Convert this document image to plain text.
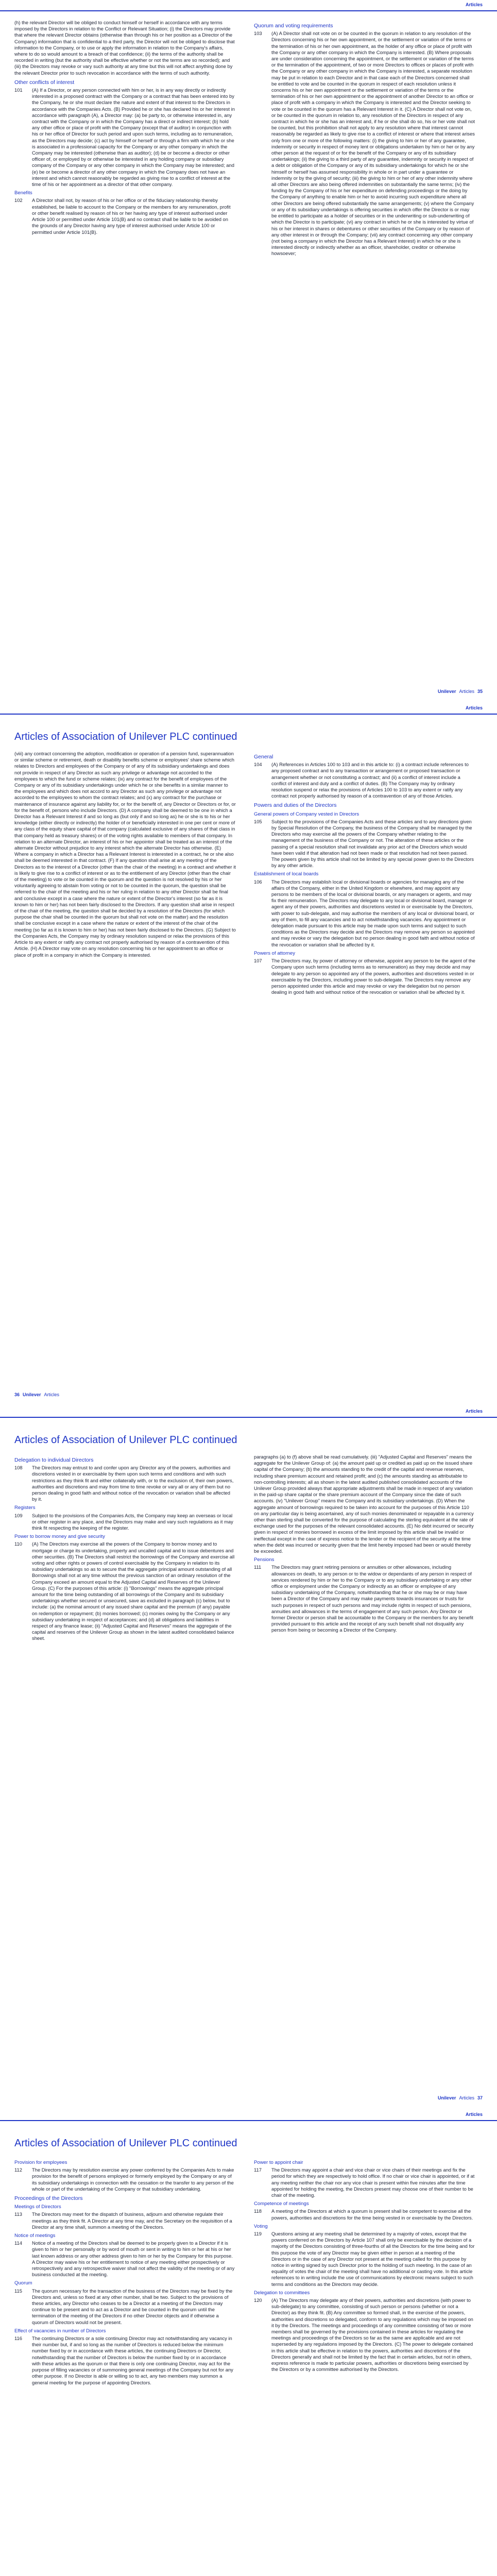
Articles
(h) the relevant Director will be obliged to conduct himself or herself in accordance with any terms imposed by the Directors in relation to the Conflict or Relevant Situation; (i) the Directors may provide that where the relevant Director obtains (otherwise than through his or her position as a Director of the Company) information that is confidential to a third party, the Director will not be obliged to disclose that information to the Company, or to use or apply the information in relation to the Company's affairs, where to do so would amount to a breach of that confidence; (ii) the terms of the authority shall be recorded in writing (but the authority shall be effective whether or not the terms are so recorded); and (iii) the Directors may revoke or vary such authority at any time but this will not affect anything done by the relevant Director prior to such revocation in accordance with the terms of such authority.
Other conflicts of interest
101 (A) If a Director, or any person connected with him or her, is in any way directly or indirectly interested in a proposed contract with the Company or a contract that has been entered into by the Company, he or she must declare the nature and extent of that interest to the Directors in accordance with the Companies Acts. (B) Provided he or she has declared his or her interest in accordance with paragraph (A), a Director may: (a) be party to, or otherwise interested in, any contract with the Company or in which the Company has a direct or indirect interest; (b) hold any other office or place of profit with the Company (except that of auditor) in conjunction with his or her office of Director for such period and upon such terms, including as to remuneration, as the Directors may decide; (c) act by himself or herself or through a firm with which he or she is associated in a professional capacity for the Company or any other company in which the Company may be interested (otherwise than as auditor); (d) be or become a director or other officer of, or employed by or otherwise be interested in any holding company or subsidiary company of the Company or any other company in which the Company may be interested; and (e) be or become a director of any other company in which the Company does not have an interest and which cannot reasonably be regarded as giving rise to a conflict of interest at the time of his or her appointment as a director of that other company.
Benefits
102 A Director shall not, by reason of his or her office or of the fiduciary relationship thereby established, be liable to account to the Company or the members for any remuneration, profit or other benefit realised by reason of his or her having any type of interest authorised under Article 100 or permitted under Article 101(B) and no contract shall be liable to be avoided on the grounds of any Director having any type of interest authorised under Article 100 or permitted under Article 101(B).
Quorum and voting requirements
103 (A) A Director shall not vote on or be counted in the quorum in relation to any resolution of the Directors concerning his or her own appointment, or the settlement or variation of the terms or the termination of his or her own appointment, as the holder of any office or place of profit with the Company or any other company in which the Company is interested. (B) Where proposals are under consideration concerning the appointment, or the settlement or variation of the terms or the termination of the appointment, of two or more Directors to offices or places of profit with the Company or any other company in which the Company is interested, a separate resolution may be put in relation to each Director and in that case each of the Directors concerned shall be entitled to vote and be counted in the quorum in respect of each resolution unless it concerns his or her own appointment or the settlement or variation of the terms or the termination of his or her own appointment or the appointment of another Director to an office or place of profit with a company in which the Company is interested and the Director seeking to vote or be counted in the quorum has a Relevant Interest in it. (C) A Director shall not vote on, or be counted in the quorum in relation to, any resolution of the Directors in respect of any contract in which he or she has an interest and, if he or she shall do so, his or her vote shall not be counted, but this prohibition shall not apply to any resolution where that interest cannot reasonably be regarded as likely to give rise to a conflict of interest or where that interest arises only from one or more of the following matters: (i) the giving to him or her of any guarantee, indemnity or security in respect of money lent or obligations undertaken by him or her or by any other person at the request of or for the benefit of the Company or any of its subsidiary undertakings; (ii) the giving to a third party of any guarantee, indemnity or security in respect of a debt or obligation of the Company or any of its subsidiary undertakings for which he or she himself or herself has assumed responsibility in whole or in part under a guarantee or indemnity or by the giving of security; (iii) the giving to him or her of any other indemnity where all other Directors are also being offered indemnities on substantially the same terms; (iv) the funding by the Company of his or her expenditure on defending proceedings or the doing by the Company of anything to enable him or her to avoid incurring such expenditure where all other Directors are being offered substantially the same arrangements; (v) where the Company or any of its subsidiary undertakings is offering securities in which offer the Director is or may be entitled to participate as a holder of securities or in the underwriting or sub-underwriting of which the Director is to participate; (vi) any contract in which he or she is interested by virtue of his or her interest in shares or debentures or other securities of the Company or by reason of any other interest in or through the Company; (vii) any contract concerning any other company (not being a company in which the Director has a Relevant Interest) in which he or she is interested directly or indirectly whether as an officer, shareholder, creditor or otherwise howsoever;
Unilever Articles 35
Articles
Articles of Association of Unilever PLC continued
(viii) any contract concerning the adoption, modification or operation of a pension fund, superannuation or similar scheme or retirement, death or disability benefits scheme or employees' share scheme which relates to Directors and employees of the Company or of any of its subsidiary undertakings and does not provide in respect of any Director as such any privilege or advantage not accorded to the employees to which the fund or scheme relates; (ix) any contract for the benefit of employees of the Company or any of its subsidiary undertakings under which he or she benefits in a similar manner to the employees and which does not accord to any Director as such any privilege or advantage not accorded to the employees to whom the contract relates; and (x) any contract for the purchase or maintenance of insurance against any liability for, or for the benefit of, any Director or Directors or for, or for the benefit of, persons who include Directors. (D) A company shall be deemed to be one in which a Director has a Relevant Interest if and so long as (but only if and so long as) he or she is to his or her knowledge (either directly or indirectly) the holder of or beneficially interested in one per cent or more of any class of the equity share capital of that company (calculated exclusive of any shares of that class in that company held as treasury shares) or of the voting rights available to members of that company. In relation to an alternate Director, an interest of his or her appointor shall be treated as an interest of the alternate Director without prejudice to any interest which the alternate Director has otherwise. (E) Where a company in which a Director has a Relevant Interest is interested in a contract, he or she also shall be deemed interested in that contract. (F) If any question shall arise at any meeting of the Directors as to the interest of a Director (other than the chair of the meeting) in a contract and whether it is likely to give rise to a conflict of interest or as to the entitlement of any Director (other than the chair of the meeting) to vote or be counted in the quorum and the question is not resolved by his or her voluntarily agreeing to abstain from voting or not to be counted in the quorum, the question shall be referred to the chair of the meeting and his or her ruling in relation to any other Director shall be final and conclusive except in a case where the nature or extent of the Director's interest (so far as it is known to him or her) has not been fairly disclosed to the Directors. If any question shall arise in respect of the chair of the meeting, the question shall be decided by a resolution of the Directors (for which purpose the chair shall be counted in the quorum but shall not vote on the matter) and the resolution shall be conclusive except in a case where the nature or extent of the interest of the chair of the meeting (so far as it is known to him or her) has not been fairly disclosed to the Directors. (G) Subject to the Companies Acts, the Company may by ordinary resolution suspend or relax the provisions of this Article to any extent or ratify any contract not properly authorised by reason of a contravention of this Article. (H) A Director may vote on any resolution concerning his or her appointment to an office or place of profit in a company in which the Company is interested.
General
104 (A) References in Articles 100 to 103 and in this article to: (i) a contract include references to any proposed contract and to any transaction or arrangement or proposed transaction or arrangement whether or not constituting a contract; and (ii) a conflict of interest include a conflict of interest and duty and a conflict of duties. (B) The Company may by ordinary resolution suspend or relax the provisions of Articles 100 to 103 to any extent or ratify any contract not properly authorised by reason of a contravention of any of those Articles.
Powers and duties of the Directors
General powers of Company vested in Directors
105 Subject to the provisions of the Companies Acts and these articles and to any directions given by Special Resolution of the Company, the business of the Company shall be managed by the Directors who may exercise all the powers of the Company whether relating to the management of the business of the Company or not. The alteration of these articles or the passing of a special resolution shall not invalidate any prior act of the Directors which would have been valid if that alteration had not been made or that resolution had not been passed. The powers given by this article shall not be limited by any special power given to the Directors by any other article.
Establishment of local boards
106 The Directors may establish local or divisional boards or agencies for managing any of the affairs of the Company, either in the United Kingdom or elsewhere, and may appoint any persons to be members of the local or divisional boards, or any managers or agents, and may fix their remuneration. The Directors may delegate to any local or divisional board, manager or agent any of their powers, authorities and discretions vested in or exercisable by the Directors, with power to sub-delegate, and may authorise the members of any local or divisional board, or any of them, to fill any vacancies and to act notwithstanding vacancies. Any appointment or delegation made pursuant to this article may be made upon such terms and subject to such conditions as the Directors may decide and the Directors may remove any person so appointed and may revoke or vary the delegation but no person dealing in good faith and without notice of the revocation or variation shall be affected by it.
Powers of attorney
107 The Directors may, by power of attorney or otherwise, appoint any person to be the agent of the Company upon such terms (including terms as to remuneration) as they may decide and may delegate to any person so appointed any of the powers, authorities and discretions vested in or exercisable by the Directors, including power to sub-delegate. The Directors may remove any person appointed under this article and may revoke or vary the delegation but no person dealing in good faith and without notice of the revocation or variation shall be affected by it.
36 Unilever Articles
Articles
Articles of Association of Unilever PLC continued
Delegation to individual Directors
108 The Directors may entrust to and confer upon any Director any of the powers, authorities and discretions vested in or exercisable by them upon such terms and conditions and with such restrictions as they think fit and either collaterally with, or to the exclusion of, their own powers, authorities and discretions and may from time to time revoke or vary all or any of them but no person dealing in good faith and without notice of the revocation or variation shall be affected by it.
Registers
109 Subject to the provisions of the Companies Acts, the Company may keep an overseas or local or other register in any place, and the Directors may make and vary such regulations as it may think fit respecting the keeping of the register.
Power to borrow money and give security
110 (A) The Directors may exercise all the powers of the Company to borrow money and to mortgage or charge its undertaking, property and uncalled capital and to issue debentures and other securities. (B) The Directors shall restrict the borrowings of the Company and exercise all voting and other rights or powers of control exercisable by the Company in relation to its subsidiary undertakings so as to secure that the aggregate principal amount outstanding of all Borrowings shall not at any time without the previous sanction of an ordinary resolution of the Company exceed an amount equal to the Adjusted Capital and Reserves of the Unilever Group. (C) For the purposes of this article: (i) "Borrowings" means the aggregate principal amount for the time being outstanding of all borrowings of the Company and its subsidiary undertakings whether secured or unsecured, save as excluded in paragraph (c) below, but to include: (a) the nominal amount of any issued share capital and the premium (if any) payable on redemption or repayment; (b) monies borrowed; (c) monies owing by the Company or any subsidiary undertaking in respect of acceptances; and (d) all obligations and liabilities in respect of any finance lease; (ii) "Adjusted Capital and Reserves" means the aggregate of the capital and reserves of the Unilever Group as shown in the latest audited consolidated balance sheet.
paragraphs (a) to (f) above shall be read cumulatively. (iii) "Adjusted Capital and Reserves" means the aggregate for the Unilever Group of: (a) the amount paid up or credited as paid up on the issued share capital of the Company; (b) the amounts standing to the credit of the capital and revenue reserves, including share premium account and retained profit; and (c) the amounts standing as attributable to non-controlling interests; all as shown in the latest audited published consolidated accounts of the Unilever Group provided always that appropriate adjustments shall be made in respect of any variation in the paid-up share capital or the share premium account of the Company since the date of such accounts. (iv) "Unilever Group" means the Company and its subsidiary undertakings. (D) When the aggregate amount of borrowings required to be taken into account for the purposes of this Article 110 on any particular day is being ascertained, any of such monies denominated or repayable in a currency other than sterling shall be converted for the purpose of calculating the sterling equivalent at the rate of exchange used for the purposes of the relevant consolidated accounts. (E) No debt incurred or security given in respect of monies borrowed in excess of the limit imposed by this article shall be invalid or ineffectual except in the case of express notice to the lender or the recipient of the security at the time when the debt was incurred or security given that the limit hereby imposed had been or would thereby be exceeded.
Pensions
111 The Directors may grant retiring pensions or annuities or other allowances, including allowances on death, to any person or to the widow or dependants of any person in respect of services rendered by him or her to the Company or to any subsidiary undertaking or any other office or employment under the Company or indirectly as an officer or employee of any subsidiary undertaking of the Company, notwithstanding that he or she may be or may have been a Director of the Company and may make payments towards insurances or trusts for such purposes in respect of such persons and may include rights in respect of such pensions, annuities and allowances in the terms of engagement of any such person. Any Director or former Director or person shall be accountable to the Company or the members for any benefit provided pursuant to this article and the receipt of any such benefit shall not disqualify any person from being or becoming a Director of the Company.
Unilever Articles 37
Articles
Articles of Association of Unilever PLC continued
Provision for employees
112 The Directors may by resolution exercise any power conferred by the Companies Acts to make provision for the benefit of persons employed or formerly employed by the Company or any of its subsidiary undertakings in connection with the cessation or the transfer to any person of the whole or part of the undertaking of the Company or that subsidiary undertaking.
Proceedings of the Directors
Meetings of Directors
113 The Directors may meet for the dispatch of business, adjourn and otherwise regulate their meetings as they think fit. A Director at any time may, and the Secretary on the requisition of a Director at any time shall, summon a meeting of the Directors.
Notice of meetings
114 Notice of a meeting of the Directors shall be deemed to be properly given to a Director if it is given to him or her personally or by word of mouth or sent in writing to him or her at his or her last known address or any other address given to him or her by the Company for this purpose. A Director may waive his or her entitlement to notice of any meeting either prospectively or retrospectively and any retrospective waiver shall not affect the validity of the meeting or of any business conducted at the meeting.
Quorum
115 The quorum necessary for the transaction of the business of the Directors may be fixed by the Directors and, unless so fixed at any other number, shall be two. Subject to the provisions of these articles, any Director who ceases to be a Director at a meeting of the Directors may continue to be present and to act as a Director and be counted in the quorum until the termination of the meeting of the Directors if no other Director objects and if otherwise a quorum of Directors would not be present.
Effect of vacancies in number of Directors
116 The continuing Directors or a sole continuing Director may act notwithstanding any vacancy in their number but, if and so long as the number of Directors is reduced below the minimum number fixed by or in accordance with these articles, the continuing Directors or Director, notwithstanding that the number of Directors is below the number fixed by or in accordance with these articles as the quorum or that there is only one continuing Director, may act for the purpose of filling vacancies or of summoning general meetings of the Company but not for any other purpose. If no Director is able or willing so to act, any two members may summon a general meeting for the purpose of appointing Directors.
Power to appoint chair
117 The Directors may appoint a chair and vice chair or vice chairs of their meetings and fix the period for which they are respectively to hold office. If no chair or vice chair is appointed, or if at any meeting neither the chair nor any vice chair is present within five minutes after the time appointed for holding the meeting, the Directors present may choose one of their number to be chair of the meeting.
Competence of meetings
118 A meeting of the Directors at which a quorum is present shall be competent to exercise all the powers, authorities and discretions for the time being vested in or exercisable by the Directors.
Voting
119 Questions arising at any meeting shall be determined by a majority of votes, except that the powers conferred on the Directors by Article 107 shall only be exercisable by the decision of a majority of the Directors consisting of three-fourths of all the Directors for the time being and for this purpose the vote of any Director may be given either in person at a meeting of the Directors or in the case of any Director not present at the meeting called for this purpose by notice in writing signed by such Director prior to the holding of such meeting. In the case of an equality of votes the chair of the meeting shall have no additional or casting vote. In this article references to in writing include the use of communications by electronic means subject to such terms and conditions as the Directors may decide.
Delegation to committees
120 (A) The Directors may delegate any of their powers, authorities and discretions (with power to sub-delegate) to any committee, consisting of such person or persons (whether or not a Director) as they think fit. (B) Any committee so formed shall, in the exercise of the powers, authorities and discretions so delegated, conform to any regulations which may be imposed on it by the Directors. The meetings and proceedings of any committee consisting of two or more members shall be governed by the provisions contained in these articles for regulating the meetings and proceedings of the Directors so far as the same are applicable and are not superseded by any regulations imposed by the Directors. (C) The power to delegate contained in this article shall be effective in relation to the powers, authorities and discretions of the Directors generally and shall not be limited by the fact that in certain articles, but not in others, express reference is made to particular powers, authorities or discretions being exercised by the Directors or by a committee authorised by the Directors.
